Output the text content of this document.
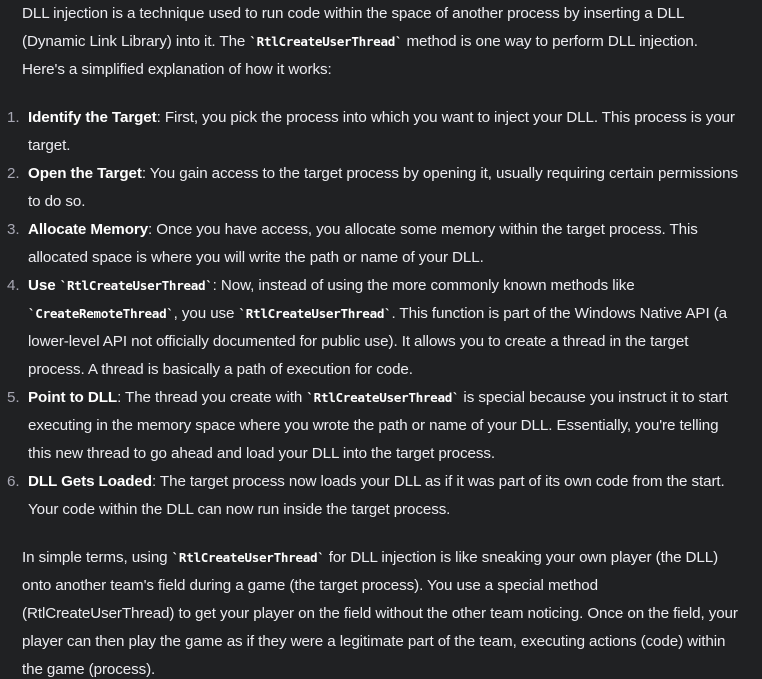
DLL injection is a technique used to run code within the space of another process by inserting a DLL (Dynamic Link Library) into it. The `RtlCreateUserThread` method is one way to perform DLL injection. Here's a simplified explanation of how it works:

1. Identify the Target: First, you pick the process into which you want to inject your DLL. This process is your target.
2. Open the Target: You gain access to the target process by opening it, usually requiring certain permissions to do so.
3. Allocate Memory: Once you have access, you allocate some memory within the target process. This allocated space is where you will write the path or name of your DLL.
4. Use `RtlCreateUserThread`: Now, instead of using the more commonly known methods like `CreateRemoteThread`, you use `RtlCreateUserThread`. This function is part of the Windows Native API (a lower-level API not officially documented for public use). It allows you to create a thread in the target process. A thread is basically a path of execution for code.
5. Point to DLL: The thread you create with `RtlCreateUserThread` is special because you instruct it to start executing in the memory space where you wrote the path or name of your DLL. Essentially, you're telling this new thread to go ahead and load your DLL into the target process.
6. DLL Gets Loaded: The target process now loads your DLL as if it was part of its own code from the start. Your code within the DLL can now run inside the target process.

In simple terms, using `RtlCreateUserThread` for DLL injection is like sneaking your own player (the DLL) onto another team's field during a game (the target process). You use a special method (RtlCreateUserThread) to get your player on the field without the other team noticing. Once on the field, your player can then play the game as if they were a legitimate part of the team, executing actions (code) within the game (process).
